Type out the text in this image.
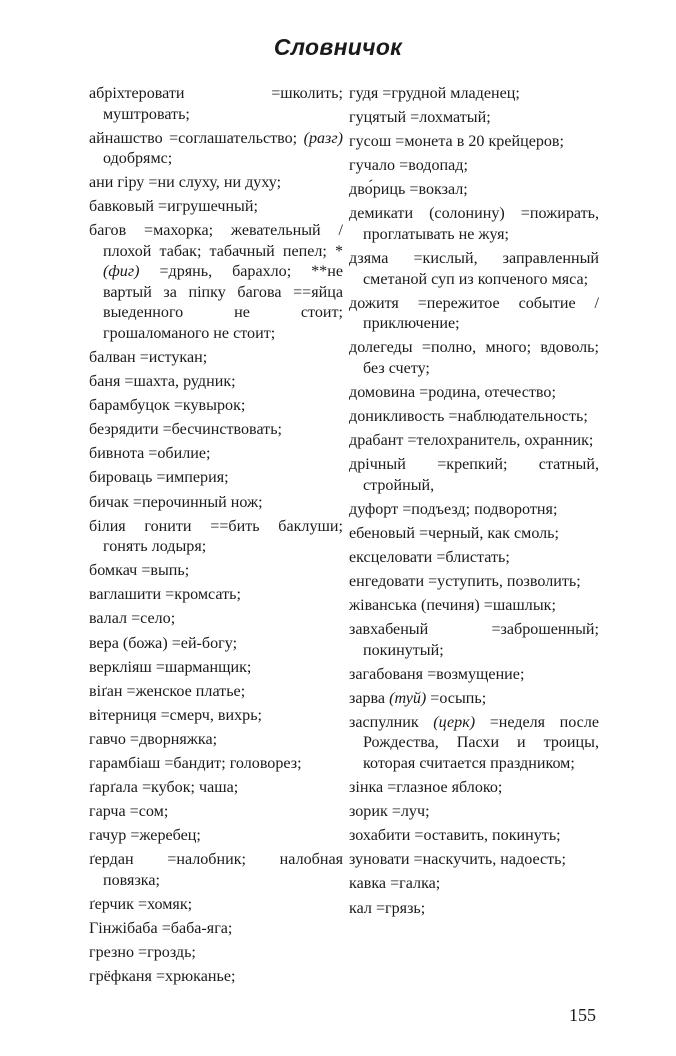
Словничок

абріхтеровати	=школить; муштровать;

айнашство =соглашательство; (разг) одобрямс;

ани гіру =ни слуху, ни духу;

бавковый =игрушечный;

багов =махорка; жевательный / плохой табак; табачный пепел; * (фиг) =дрянь, барахло; **не вартый за піпку багова ==яйца выеденного не стоит; грошаломаного не стоит;

балван =истукан;

баня =шахта, рудник;

барамбуцок =кувырок;

безрядити =бесчинствовать;

бивнота =обилие;

бироваць =империя;

бичак =перочинный нож;

білия гонити ==бить баклуши; гонять лодыря;

бомкач =выпь;

ваглашити =кромсать;

валал =село;

вера (божа) =ей-богу;

веркліяш =шарманщик;

віґан =женское платье;

вітерниця =смерч, вихрь;

гавчо =дворняжка;

гарамбіаш =бандит; головорез;

ґарґала =кубок; чаша;

гарча =сом;

гачур =жеребец;

ґердан =налобник; налобная повязка;

ґерчик =хомяк;

Гінжібаба =баба-яга;

грезно =гроздь;

грёфканя =хрюканье;

гудя =грудной младенец;

гуцятый =лохматый;

гусош =монета в 20 крейцеров;

гучало =водопад;

дво́риць =вокзал;

демикати (солонину) =пожирать, проглатывать не жуя;

дзяма =кислый, заправленный сметаной суп из копченого мяса;

дожитя =пережитое событие / приключение;

долегеды =полно, много; вдоволь; без счету;

домовина =родина, отечество;

доникливость =наблюдательность;

драбант =телохранитель, охранник;

дрічный =крепкий; статный, стройный,

дуфорт =подъезд; подворотня;

ебеновый =черный, как смоль;

ексцеловати =блистать;

енгедовати =уступить, позволить;

жіванська (печиня) =шашлык;

завхабеный	=заброшенный; покинутый;

загабованя =возмущение;

зарва (туй) =осыпь;

заспулник (церк) =неделя после Рождества, Пасхи и троицы, которая считается праздником;

зінка =глазное яблоко;

зорик =луч;

зохабити =оставить, покинуть;

зуновати =наскучить, надоесть;

кавка =галка;

кал =грязь;

155
